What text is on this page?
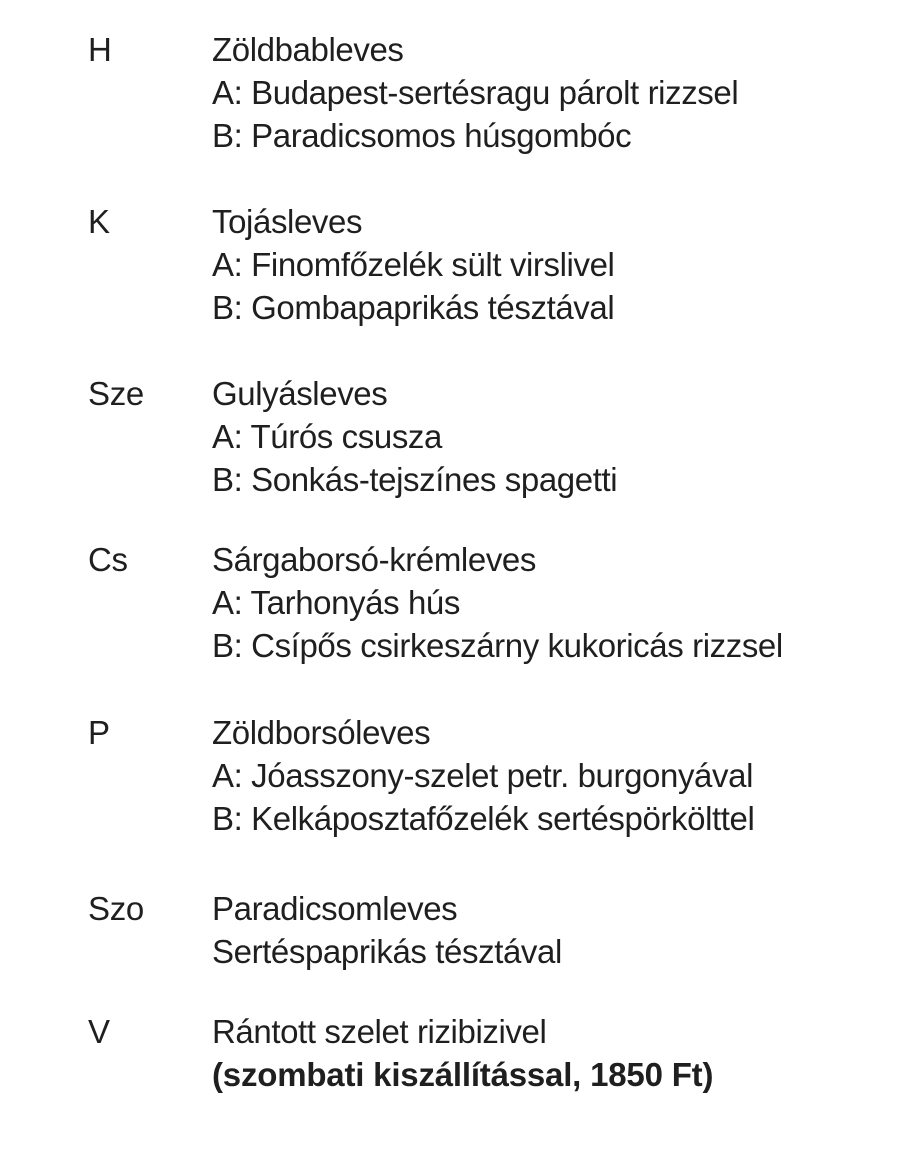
H	Zöldbableves
A: Budapest-sertésragu párolt rizzsel
B: Paradicsomos húsgombóc
K	Tojásleves
A: Finomfőzelék sült virslivel
B: Gombapaprikás tésztával
Sze Gulyásleves
A: Túrós csusza
B: Sonkás-tejszínes spagetti
Cs	Sárgaborsó-krémleves
A: Tarhonyás hús
B: Csípős csirkeszárny kukoricás rizzsel
P	Zöldborsóleves
A: Jóasszony-szelet petr. burgonyával
B: Kelkáposztafőzelék sertéspörkölttel
Szo Paradicsomleves
Sertéspaprikás tésztával
V	Rántott szelet rizibizivel
(szombati kiszállítással, 1850 Ft)
